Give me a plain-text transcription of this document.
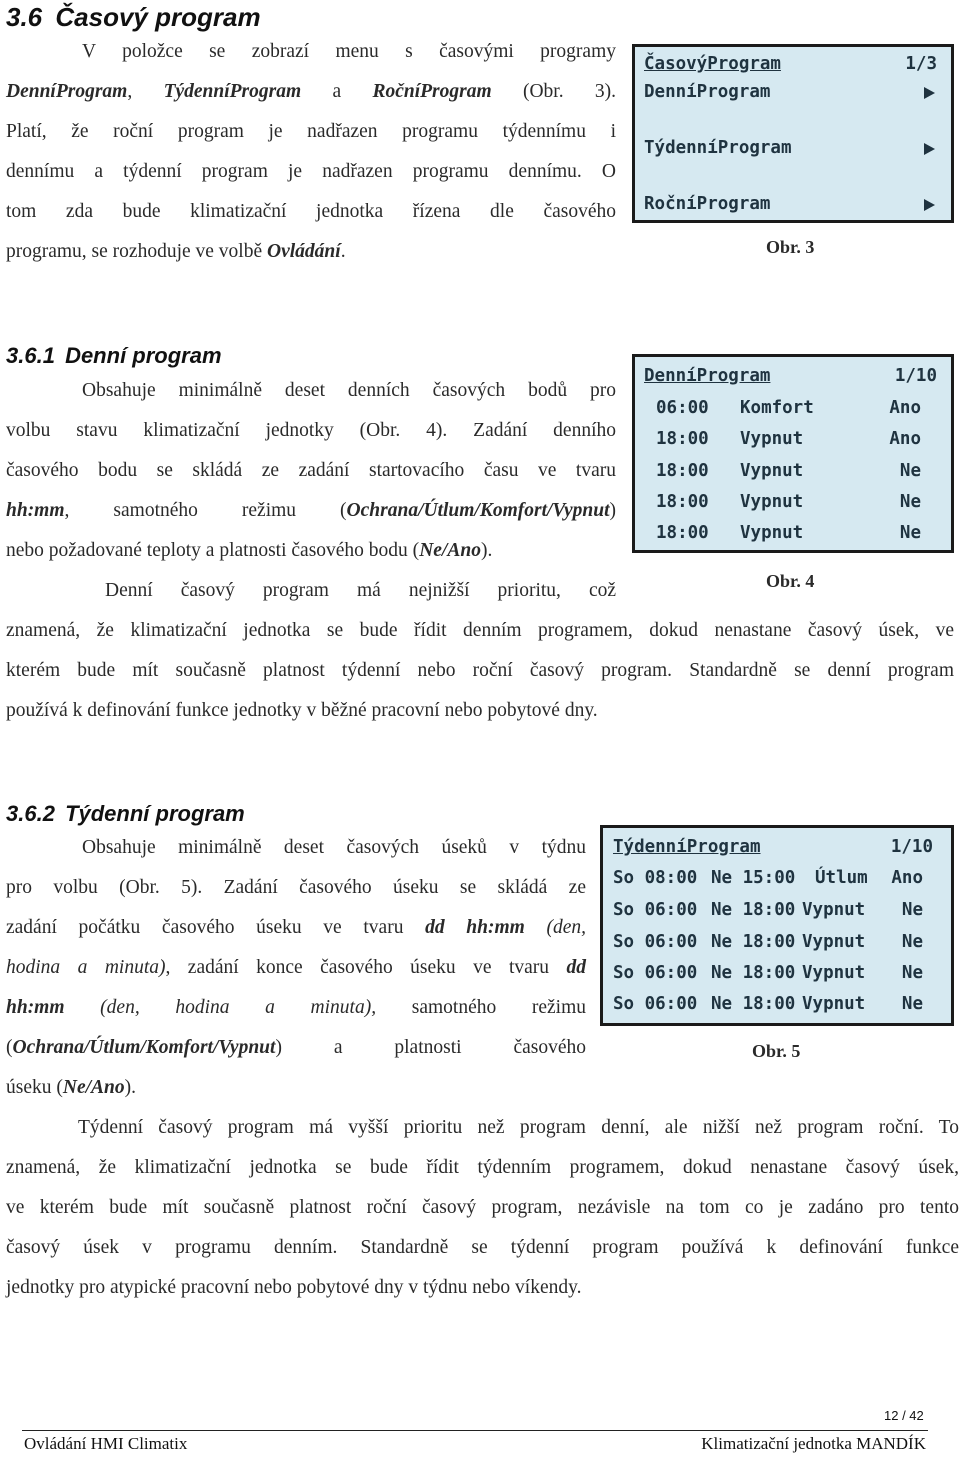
3.6 Časový program
V položce se zobrazí menu s časovými programy
DenníProgram, TýdenníProgram a RočníProgram (Obr. 3).
Platí, že roční program je nadřazen programu týdennímu i
dennímu a týdenní program je nadřazen programu dennímu. O
tom zda bude klimatizační jednotka řízena dle časového
programu, se rozhoduje ve volbě Ovládání.
ČasovýProgram	1/3
DenníProgram
TýdenníProgram
RočníProgram
Obr. 3
3.6.1 Denní program
Obsahuje minimálně deset denních časových bodů pro
volbu stavu klimatizační jednotky (Obr. 4). Zadání denního
časového bodu se skládá ze zadání startovacího času ve tvaru
hh:mm, samotného režimu (Ochrana/Útlum/Komfort/Vypnut)
nebo požadované teploty a platnosti časového bodu (Ne/Ano).
Denní časový program má nejnižší prioritu, což
znamená, že klimatizační jednotka se bude řídit denním programem, dokud nenastane časový úsek, ve
kterém bude mít současně platnost týdenní nebo roční časový program. Standardně se denní program
používá k definování funkce jednotky v běžné pracovní nebo pobytové dny.
DenníProgram	1/10
06:00 Komfort	Ano
18:00 Vypnut	Ano
18:00 Vypnut	Ne
18:00 Vypnut	Ne
18:00 Vypnut	Ne
Obr. 4
3.6.2 Týdenní program
Obsahuje minimálně deset časových úseků v týdnu
pro volbu (Obr. 5). Zadání časového úseku se skládá ze
zadání počátku časového úseku ve tvaru dd hh:mm (den,
hodina a minuta), zadání konce časového úseku ve tvaru dd
hh:mm (den, hodina a minuta), samotného režimu
(Ochrana/Útlum/Komfort/Vypnut) a platnosti časového
úseku (Ne/Ano).
Týdenní časový program má vyšší prioritu než program denní, ale nižší než program roční. To
znamená, že klimatizační jednotka se bude řídit týdenním programem, dokud nenastane časový úsek,
ve kterém bude mít současně platnost roční časový program, nezávisle na tom co je zadáno pro tento
časový úsek v programu denním. Standardně se týdenní program používá k definování funkce
jednotky pro atypické pracovní nebo pobytové dny v týdnu nebo víkendy.
TýdenníProgram	1/10
So 08:00 Ne 15:00 Útlum Ano
So 06:00 Ne 18:00 Vypnut Ne
So 06:00 Ne 18:00 Vypnut Ne
So 06:00 Ne 18:00 Vypnut Ne
So 06:00 Ne 18:00 Vypnut Ne
Obr. 5
12 / 42
Ovládání HMI Climatix	Klimatizační jednotka MANDÍK
